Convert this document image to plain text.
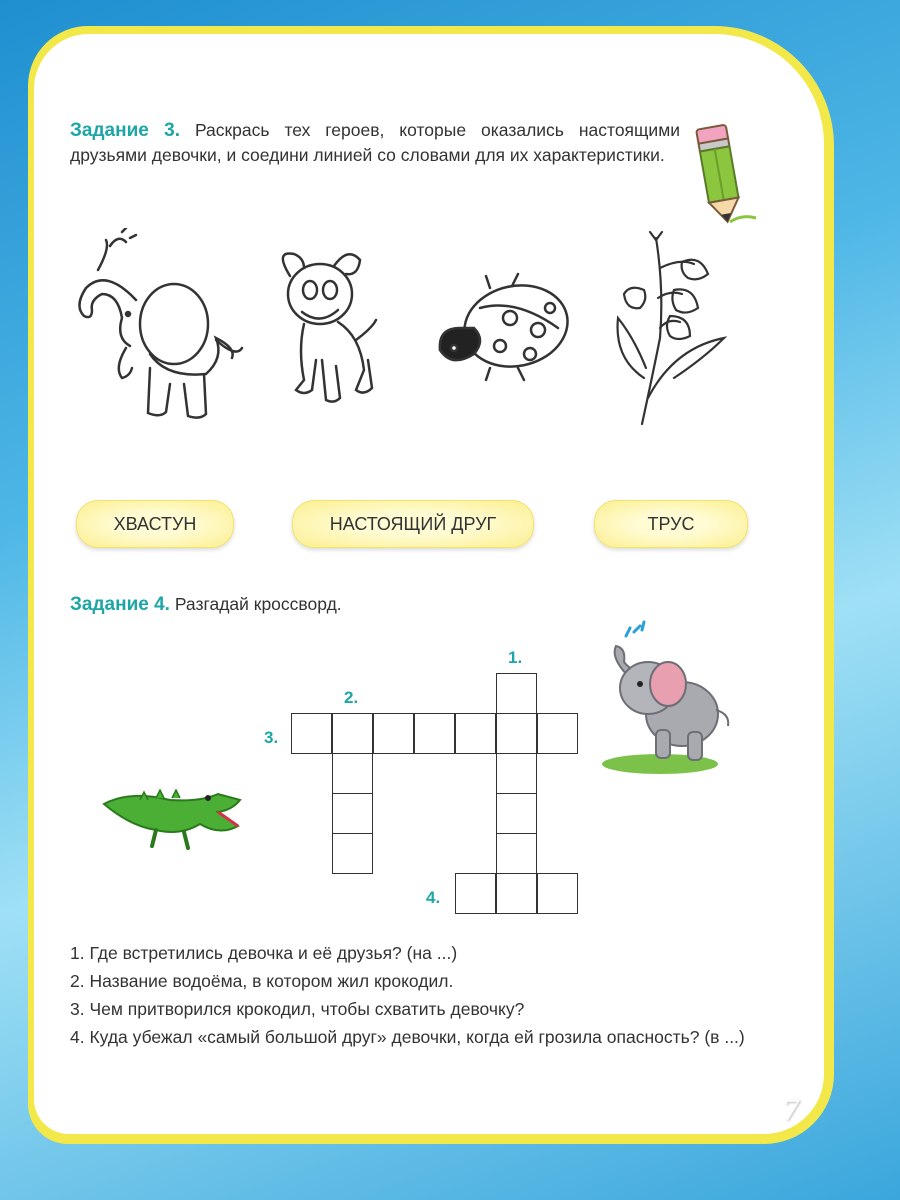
Задание 3. Раскрась тех героев, которые оказались настоящими друзьями девочки, и соедини линией со словами для их характеристики.
ХВАСТУН	НАСТОЯЩИЙ ДРУГ	ТРУС
Задание 4. Разгадай кроссворд.
1.
2.
3.
4.
1. Где встретились девочка и её друзья? (на ...)
2. Название водоёма, в котором жил крокодил.
3. Чем притворился крокодил, чтобы схватить девочку?
4. Куда убежал «самый большой друг» девочки, когда ей грозила опасность? (в ...)
7
